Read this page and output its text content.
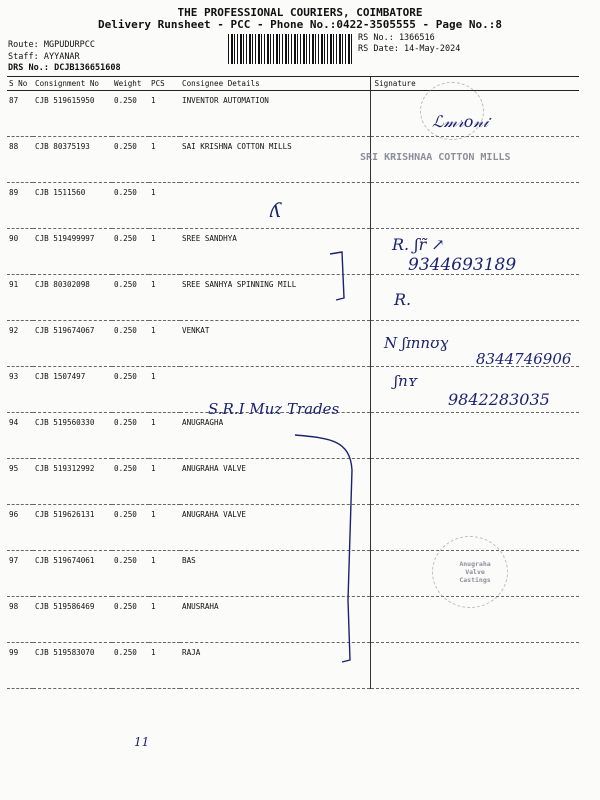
THE PROFESSIONAL COURIERS, COIMBATORE
Delivery Runsheet - PCC - Phone No.:0422-3505555 - Page No.:8
Route: MGPUDURPCC
Staff: AYYANAR
DRS No.: DCJB136651608
RS No.: 1366516
RS Date: 14-May-2024
S No	Consignment No	Weight	PCS	Consignee Details	Signature
87	CJB 519615950	0.250	1	INVENTOR AUTOMATION	
88	CJB 80375193	0.250	1	SAI KRISHNA COTTON MILLS	
89	CJB 1511560	0.250	1		
90	CJB 519499997	0.250	1	SREE SANDHYA	
91	CJB 80302098	0.250	1	SREE SANHYA SPINNING MILL	
92	CJB 519674067	0.250	1	VENKAT	
93	CJB 1507497	0.250	1		
94	CJB 519560330	0.250	1	ANUGRAGHA	
95	CJB 519312992	0.250	1	ANUGRAHA VALVE	
96	CJB 519626131	0.250	1	ANUGRAHA VALVE	
97	CJB 519674061	0.250	1	BAS	
98	CJB 519586469	0.250	1	ANUSRAHA	
99	CJB 519583070	0.250	1	RAJA	
ℒ𝓂𝓇𝑜𝓃𝒾
R. ʃr̃ ↗
9344693189
R.
N ʃɪnnʊɣ
8344746906
ʃnʏ
9842283035
S.R.I Muz Trades
ʎ
11
SRI KRISHNAA COTTON MILLS
Anugraha Valve Castings
